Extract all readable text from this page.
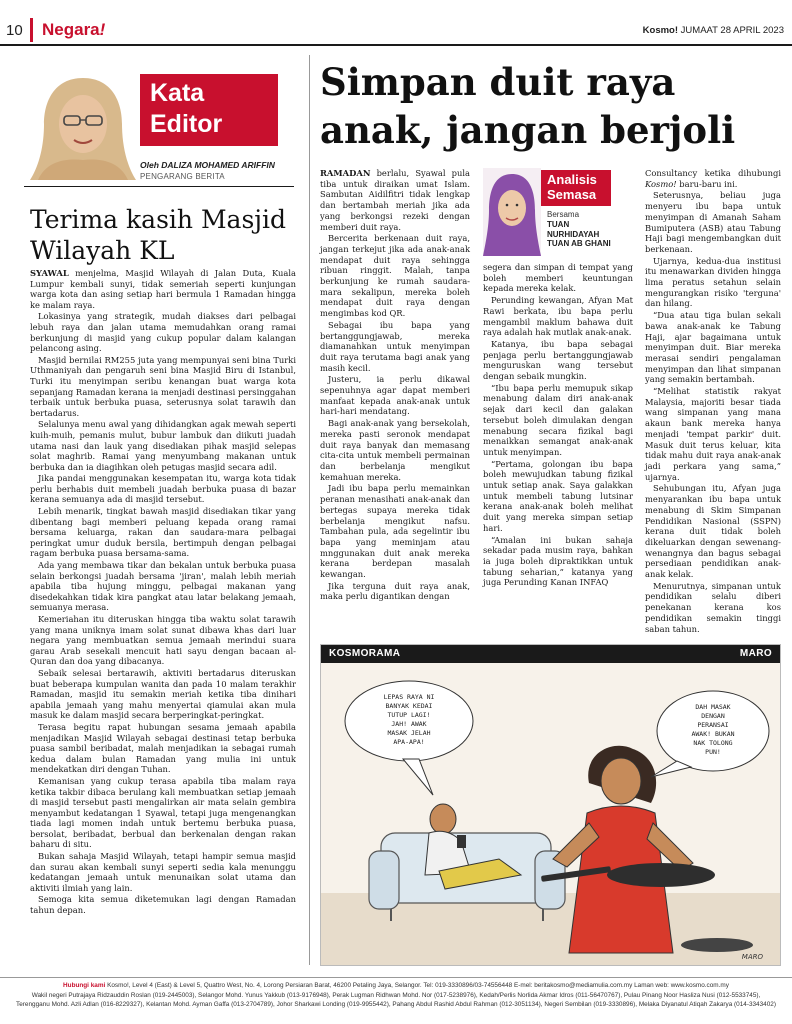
10 Negara!	Kosmo! JUMAAT 28 APRIL 2023
Kata
Editor
Oleh DALIZA MOHAMED ARIFFIN
PENGARANG BERITA
Terima kasih Masjid Wilayah KL

SYAWAL menjelma, Masjid Wilayah di Jalan Duta, Kuala Lumpur kembali sunyi, tidak semeriah seperti kunjungan warga kota dan asing setiap hari bermula 1 Ramadan hingga ke malam raya.

Lokasinya yang strategik, mudah diakses dari pelbagai lebuh raya dan jalan utama memudahkan orang ramai berkunjung di masjid yang cukup popular dalam kalangan pelancong asing.

Masjid bernilai RM255 juta yang mempunyai seni bina Turki Uthmaniyah dan pengaruh seni bina Masjid Biru di Istanbul, Turki itu menyimpan seribu kenangan buat warga kota sepanjang Ramadan kerana ia menjadi destinasi persinggahan terbaik untuk berbuka puasa, seterusnya solat tarawih dan bertadarus.

Selalunya menu awal yang dihidangkan agak mewah seperti kuih-muih, pemanis mulut, bubur lambuk dan diikuti juadah utama nasi dan lauk yang disediakan pihak masjid selepas solat maghrib. Ramai yang menyumbang makanan untuk berbuka dan ia diagihkan oleh petugas masjid secara adil.

Jika pandai menggunakan kesempatan itu, warga kota tidak perlu berhabis duit membeli juadah berbuka puasa di bazar kerana semuanya ada di masjid tersebut.

Lebih menarik, tingkat bawah masjid disediakan tikar yang dibentang bagi memberi peluang kepada orang ramai bersama keluarga, rakan dan saudara-mara pelbagai peringkat umur duduk bersila, bertimpuh dengan pelbagai ragam berbuka puasa bersama-sama.

Ada yang membawa tikar dan bekalan untuk berbuka puasa selain berkongsi juadah bersama 'jiran', malah lebih meriah apabila tiba hujung minggu, pelbagai makanan yang disedekahkan tidak kira pangkat atau latar belakang jemaah, semuanya merasa.

Kemeriahan itu diteruskan hingga tiba waktu solat tarawih yang mana uniknya imam solat sunat dibawa khas dari luar negara yang membuatkan semua jemaah merindui suara garau Arab sesekali mencuit hati sayu dengan bacaan al-Quran dan doa yang dibacanya.

Sebaik selesai bertarawih, aktiviti bertadarus diteruskan buat beberapa kumpulan wanita dan pada 10 malam terakhir Ramadan, masjid itu semakin meriah ketika tiba dinihari apabila jemaah yang mahu menyertai qiamulai akan mula masuk ke dalam masjid secara berperingkat-peringkat.

Terasa begitu rapat hubungan sesama jemaah apabila menjadikan Masjid Wilayah sebagai destinasi tetap berbuka puasa sambil beribadat, malah menjadikan ia sebagai rumah kedua dalam bulan Ramadan yang mulia ini untuk mendekatkan diri dengan Tuhan.

Kemanisan yang cukup terasa apabila tiba malam raya ketika takbir dibaca berulang kali membuatkan setiap jemaah di masjid tersebut pasti mengalirkan air mata selain gembira menyambut kedatangan 1 Syawal, tetapi juga mengenangkan tiada lagi momen indah untuk bertemu berbuka puasa, bersolat, beribadat, berbual dan berkenalan dengan rakan baharu di situ.

Bukan sahaja Masjid Wilayah, tetapi hampir semua masjid dan surau akan kembali sunyi seperti sedia kala menunggu kedatangan jemaah untuk menunaikan solat utama dan aktiviti ilmiah yang lain.

Semoga kita semua diketemukan lagi dengan Ramadan tahun depan.

Simpan duit raya anak, jangan berjoli

RAMADAN berlalu, Syawal pula tiba untuk diraikan umat Islam. Sambutan Aidilfitri tidak lengkap dan bertambah meriah jika ada yang berkongsi rezeki dengan memberi duit raya.

Bercerita berkenaan duit raya, jangan terkejut jika ada anak-anak mendapat duit raya sehingga ribuan ringgit. Malah, tanpa berkunjung ke rumah saudara-mara sekalipun, mereka boleh mendapat duit raya dengan mengimbas kod QR.

Sebagai ibu bapa yang bertanggungjawab, mereka diamanahkan untuk menyimpan duit raya terutama bagi anak yang masih kecil.

Justeru, ia perlu dikawal sepenuhnya agar dapat memberi manfaat kepada anak-anak untuk hari-hari mendatang.

Bagi anak-anak yang bersekolah, mereka pasti seronok mendapat duit raya banyak dan memasang cita-cita untuk membeli permainan dan berbelanja mengikut kemahuan mereka.

Jadi ibu bapa perlu memainkan peranan menasihati anak-anak dan bertegas supaya mereka tidak berbelanja mengikut nafsu. Tambahan pula, ada segelintir ibu bapa yang meminjam atau mnggunakan duit anak mereka kerana berdepan masalah kewangan.

Jika terguna duit raya anak, maka perlu digantikan dengan

Analisis
Semasa
Bersama
TUAN
NURHIDAYAH
TUAN AB GHANI

segera dan simpan di tempat yang boleh memberi keuntungan kepada mereka kelak.

Perunding kewangan, Afyan Mat Rawi berkata, ibu bapa perlu mengambil maklum bahawa duit raya adalah hak mutlak anak-anak.

Katanya, ibu bapa sebagai penjaga perlu bertanggungjawab menguruskan wang tersebut dengan sebaik mungkin.

“Ibu bapa perlu memupuk sikap menabung dalam diri anak-anak sejak dari kecil dan galakan tersebut boleh dimulakan dengan menabung secara fizikal bagi menaikkan semangat anak-anak untuk menyimpan.

“Pertama, golongan ibu bapa boleh mewujudkan tabung fizikal untuk setiap anak. Saya galakkan untuk membeli tabung lutsinar kerana anak-anak boleh melihat duit yang mereka simpan setiap hari.

“Amalan ini bukan sahaja sekadar pada musim raya, bahkan ia juga boleh dipraktikkan untuk tabung seharian,” katanya yang juga Perunding Kanan INFAQ

Consultancy ketika dihubungi Kosmo! baru-baru ini.

Seterusnya, beliau juga menyeru ibu bapa untuk menyimpan di Amanah Saham Bumiputera (ASB) atau Tabung Haji bagi mengembangkan duit berkenaan.

Ujarnya, kedua-dua institusi itu menawarkan dividen hingga lima peratus setahun selain mengurangkan risiko 'terguna' dan hilang.

“Dua atau tiga bulan sekali bawa anak-anak ke Tabung Haji, ajar bagaimana untuk menyimpan duit. Biar mereka merasai sendiri pengalaman menyimpan dan lihat simpanan yang semakin bertambah.

“Melihat statistik rakyat Malaysia, majoriti besar tiada wang simpanan yang mana akaun bank mereka hanya menjadi 'tempat parkir' duit. Masuk duit terus keluar, kita tidak mahu duit raya anak-anak jadi perkara yang sama,” ujarnya.

Sehubungan itu, Afyan juga menyarankan ibu bapa untuk menabung di Skim Simpanan Pendidikan Nasional (SSPN) kerana duit tidak boleh dikeluarkan dengan sewenang-wenangnya dan bagus sebagai persediaan pendidikan anak-anak kelak.

Menurutnya, simpanan untuk pendidikan selalu diberi penekanan kerana kos pendidikan semakin tinggi saban tahun.

KOSMORAMA	MARO
LEPAS RAYA NI
BANYAK KEDAI
TUTUP LAGI!
JAH! AWAK
MASAK JELAH
APA-APA!
DAH MASAK
DENGAN
PERANSAI
AWAK! BUKAN
NAK TOLONG
PUN!
MARO
Hubungi kami Kosmo!, Level 4 (East) & Level 5, Quattro West, No. 4, Lorong Persiaran Barat, 46200 Petaling Jaya, Selangor. Tel: 019-3330896/03-74556448 E-mel: beritakosmo@mediamulia.com.my Laman web: www.kosmo.com.my
Wakil negeri Putrajaya Ridzauddin Roslan (019-2445003), Selangor Mohd. Yunus Yakkub (013-9176948), Perak Lugman Ridhwan Mohd. Nor (017-5238976), Kedah/Perlis Norlida Akmar Idros (011-56470767), Pulau Pinang Noor Hasliza Nusi (012-5533745),
Terengganu Mohd. Azli Adlan (016-8229327), Kelantan Mohd. Ayman Gaffa (013-2704789), Johor Sharkawi Londing (019-9955442), Pahang Abdul Rashid Abdul Rahman (012-3051134), Negeri Sembilan (019-3330896), Melaka Diyanatul Atiqah Zakarya (014-3343402)
